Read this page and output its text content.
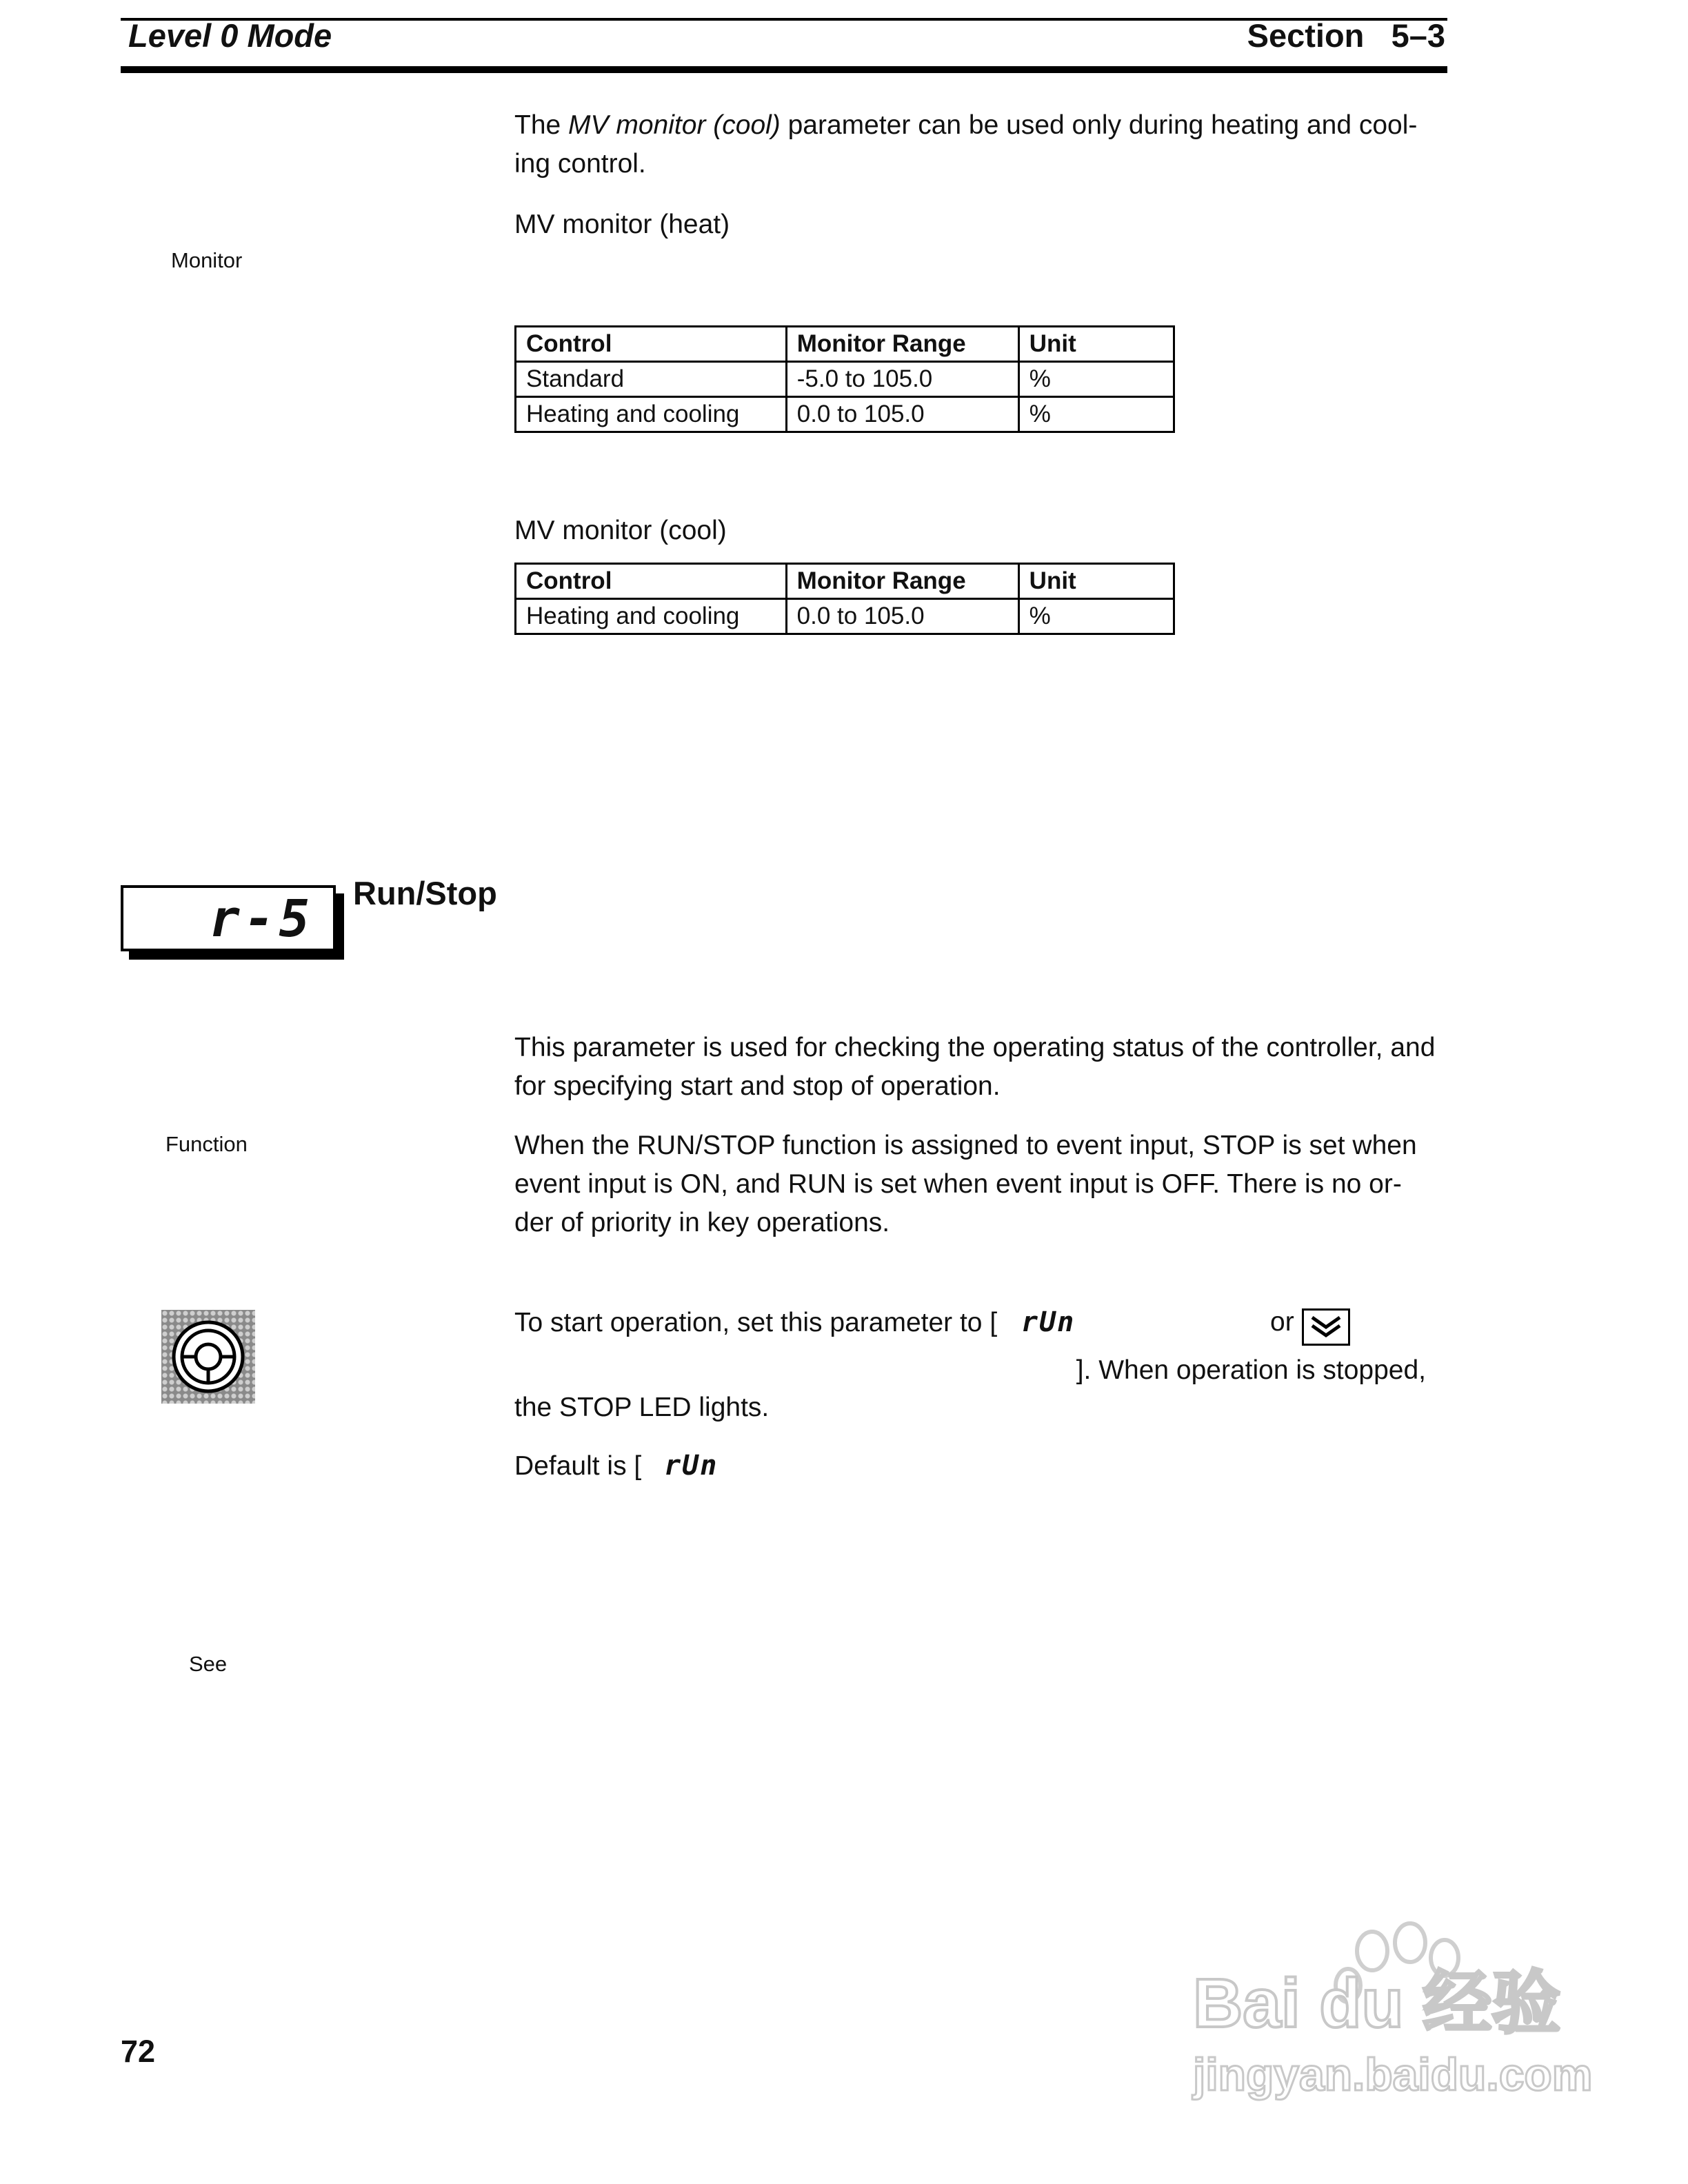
Level 0 Mode	Section   5–3

The MV monitor (cool) parameter can be used only during heating and cool-ing control.

Monitor
MV monitor (heat)
Control	Monitor Range	Unit
Standard	-5.0 to 105.0	%
Heating and cooling	0.0 to 105.0	%
MV monitor (cool)
Control	Monitor Range	Unit
Heating and cooling	0.0 to 105.0	%
r-5 Run/Stop
Function
This parameter is used for checking the operating status of the controller, and for specifying start and stop of operation.
When the RUN/STOP function is assigned to event input, STOP is set when event input is ON, and RUN is set when event input is OFF. There is no or-der of priority in key operations.
To start operation, set this parameter to [ rUn	or
]. When operation is stopped,
the STOP LED lights.
Default is [ rUn
See
72
Bai du 经验
jingyan.baidu.com
